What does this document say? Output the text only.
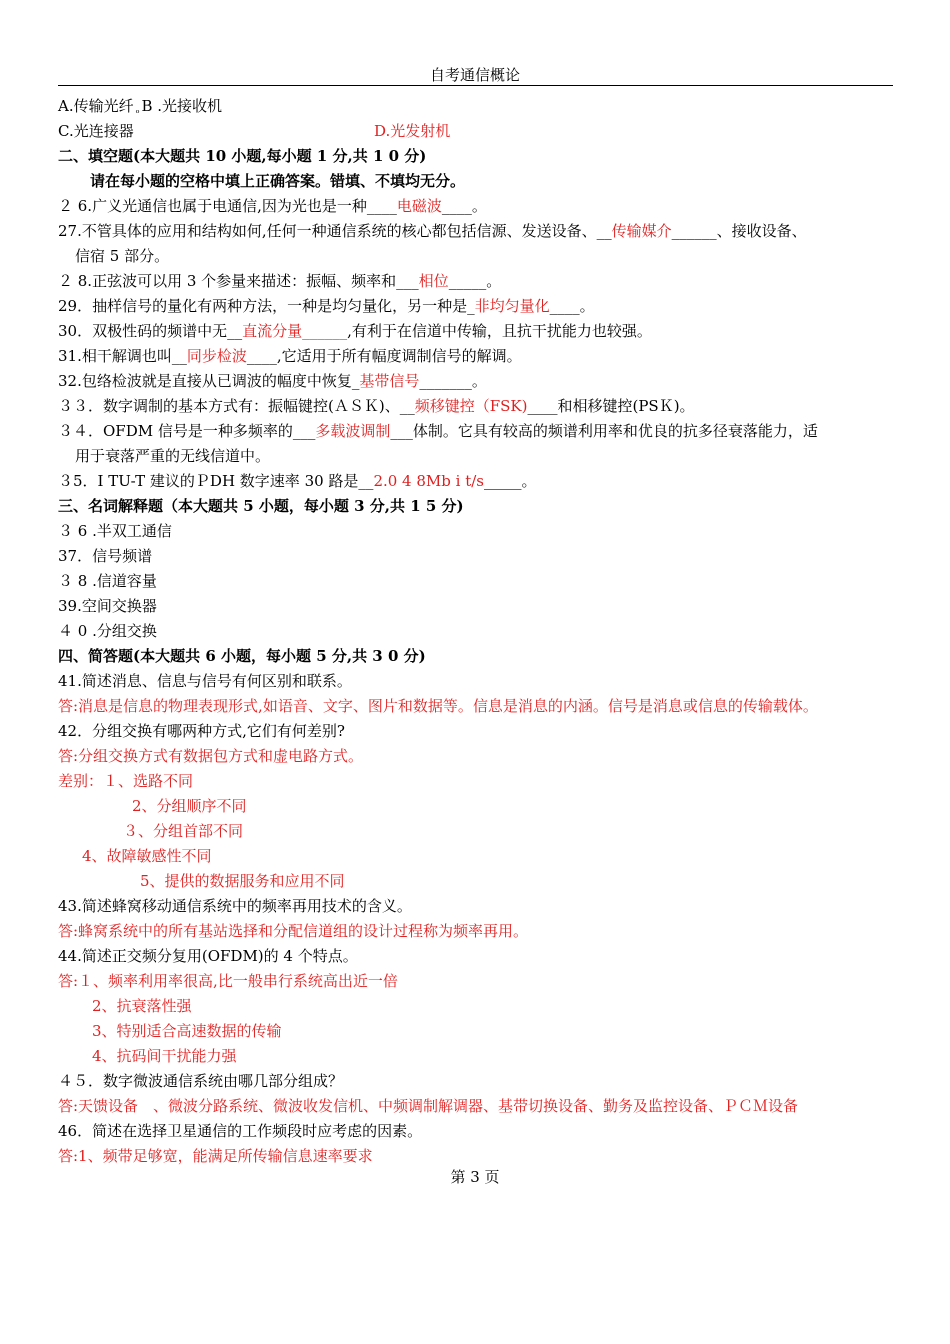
自考通信概论
A.传输光纤 ₒ B .光接收机
C.光连接器	D.光发射机
二、填空题(本大题共 10 小题,每小题 1 分,共 1 0 分)
请在每小题的空格中填上正确答案。错填、不填均无分。
２ 6.广义光通信也属于电通信,因为光也是一种____电磁波____。
27.不管具体的应用和结构如何,任何一种通信系统的核心都包括信源、发送设备、__传输媒介______、接收设备、
信宿 5 部分。
２ 8.正弦波可以用 3 个参量来描述：振幅、频率和___相位_____。
29．抽样信号的量化有两种方法，一种是均匀量化，另一种是_非均匀量化____。
30．双极性码的频谱中无__直流分量______,有利于在信道中传输，且抗干扰能力也较强。
31.相干解调也叫__同步检波____,它适用于所有幅度调制信号的解调。
32.包络检波就是直接从已调波的幅度中恢复_基带信号_______。
３３．数字调制的基本方式有：振幅键控(ＡＳＫ)、__频移键控（FSK)____和相移键控(PSＫ)。
３４．OFDM 信号是一种多频率的___多载波调制___体制。它具有较高的频谱利用率和优良的抗多径衰落能力，适
用于衰落严重的无线信道中。
３5．I TU-T 建议的ＰDH 数字速率 30 路是__2.0 4 8Mb i t/s_____。
三、名词解释题（本大题共 5 小题，每小题 3 分,共 1 5 分)
３ 6 .半双工通信
37．信号频谱
３ 8 .信道容量
39.空间交换器
４ 0 .分组交换
四、简答题(本大题共 6 小题，每小题 5 分,共 3 0 分)
41.简述消息、信息与信号有何区别和联系。
答:消息是信息的物理表现形式,如语音、文字、图片和数据等。信息是消息的内涵。信号是消息或信息的传输载体。
42．分组交换有哪两种方式,它们有何差别?
答:分组交换方式有数据包方式和虚电路方式。
差别：１、选路不同
2、分组顺序不同
３、分组首部不同
4、故障敏感性不同
5、提供的数据服务和应用不同
43.简述蜂窝移动通信系统中的频率再用技术的含义。
答:蜂窝系统中的所有基站选择和分配信道组的设计过程称为频率再用。
44.简述正交频分复用(OFDM)的 4 个特点。
答:１、频率利用率很高,比一般串行系统高出近一倍
2、抗衰落性强
3、特别适合高速数据的传输
4、抗码间干扰能力强
４５．数字微波通信系统由哪几部分组成？
答:天馈设备　、微波分路系统、微波收发信机、中频调制解调器、基带切换设备、勤务及监控设备、ＰＣＭ设备
46．简述在选择卫星通信的工作频段时应考虑的因素。
答:1、频带足够宽，能满足所传输信息速率要求
第 3 页
